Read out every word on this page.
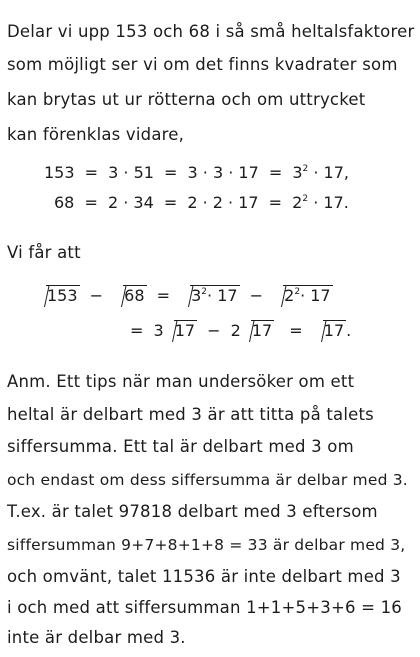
Delar vi upp 153 och 68 i så små heltalsfaktorer
som möjligt ser vi om det finns kvadrater som
kan brytas ut ur rötterna och om uttrycket
kan förenklas vidare,
$153 = 3 \cdot 51 = 3 \cdot 3 \cdot 17 = 3^2 \cdot 17$,
$68 = 2 \cdot 34 = 2 \cdot 2 \cdot 17 = 2^2 \cdot 17$.
Vi får att
$153 - 68 = 3^2\cdot 17 - 2^2\cdot 17$
= 3 17 − 2 17 = 17 .
Anm. Ett tips när man undersöker om ett
heltal är delbart med 3 är att titta på talets
siffersumma. Ett tal är delbart med 3 om
och endast om dess siffersumma är delbar med 3.
T.ex. är talet 97818 delbart med 3 eftersom
siffersumman 9+7+8+1+8 = 33 är delbar med 3,
och omvänt, talet 11536 är inte delbart med 3
i och med att siffersumman 1+1+5+3+6 = 16
inte är delbar med 3.
